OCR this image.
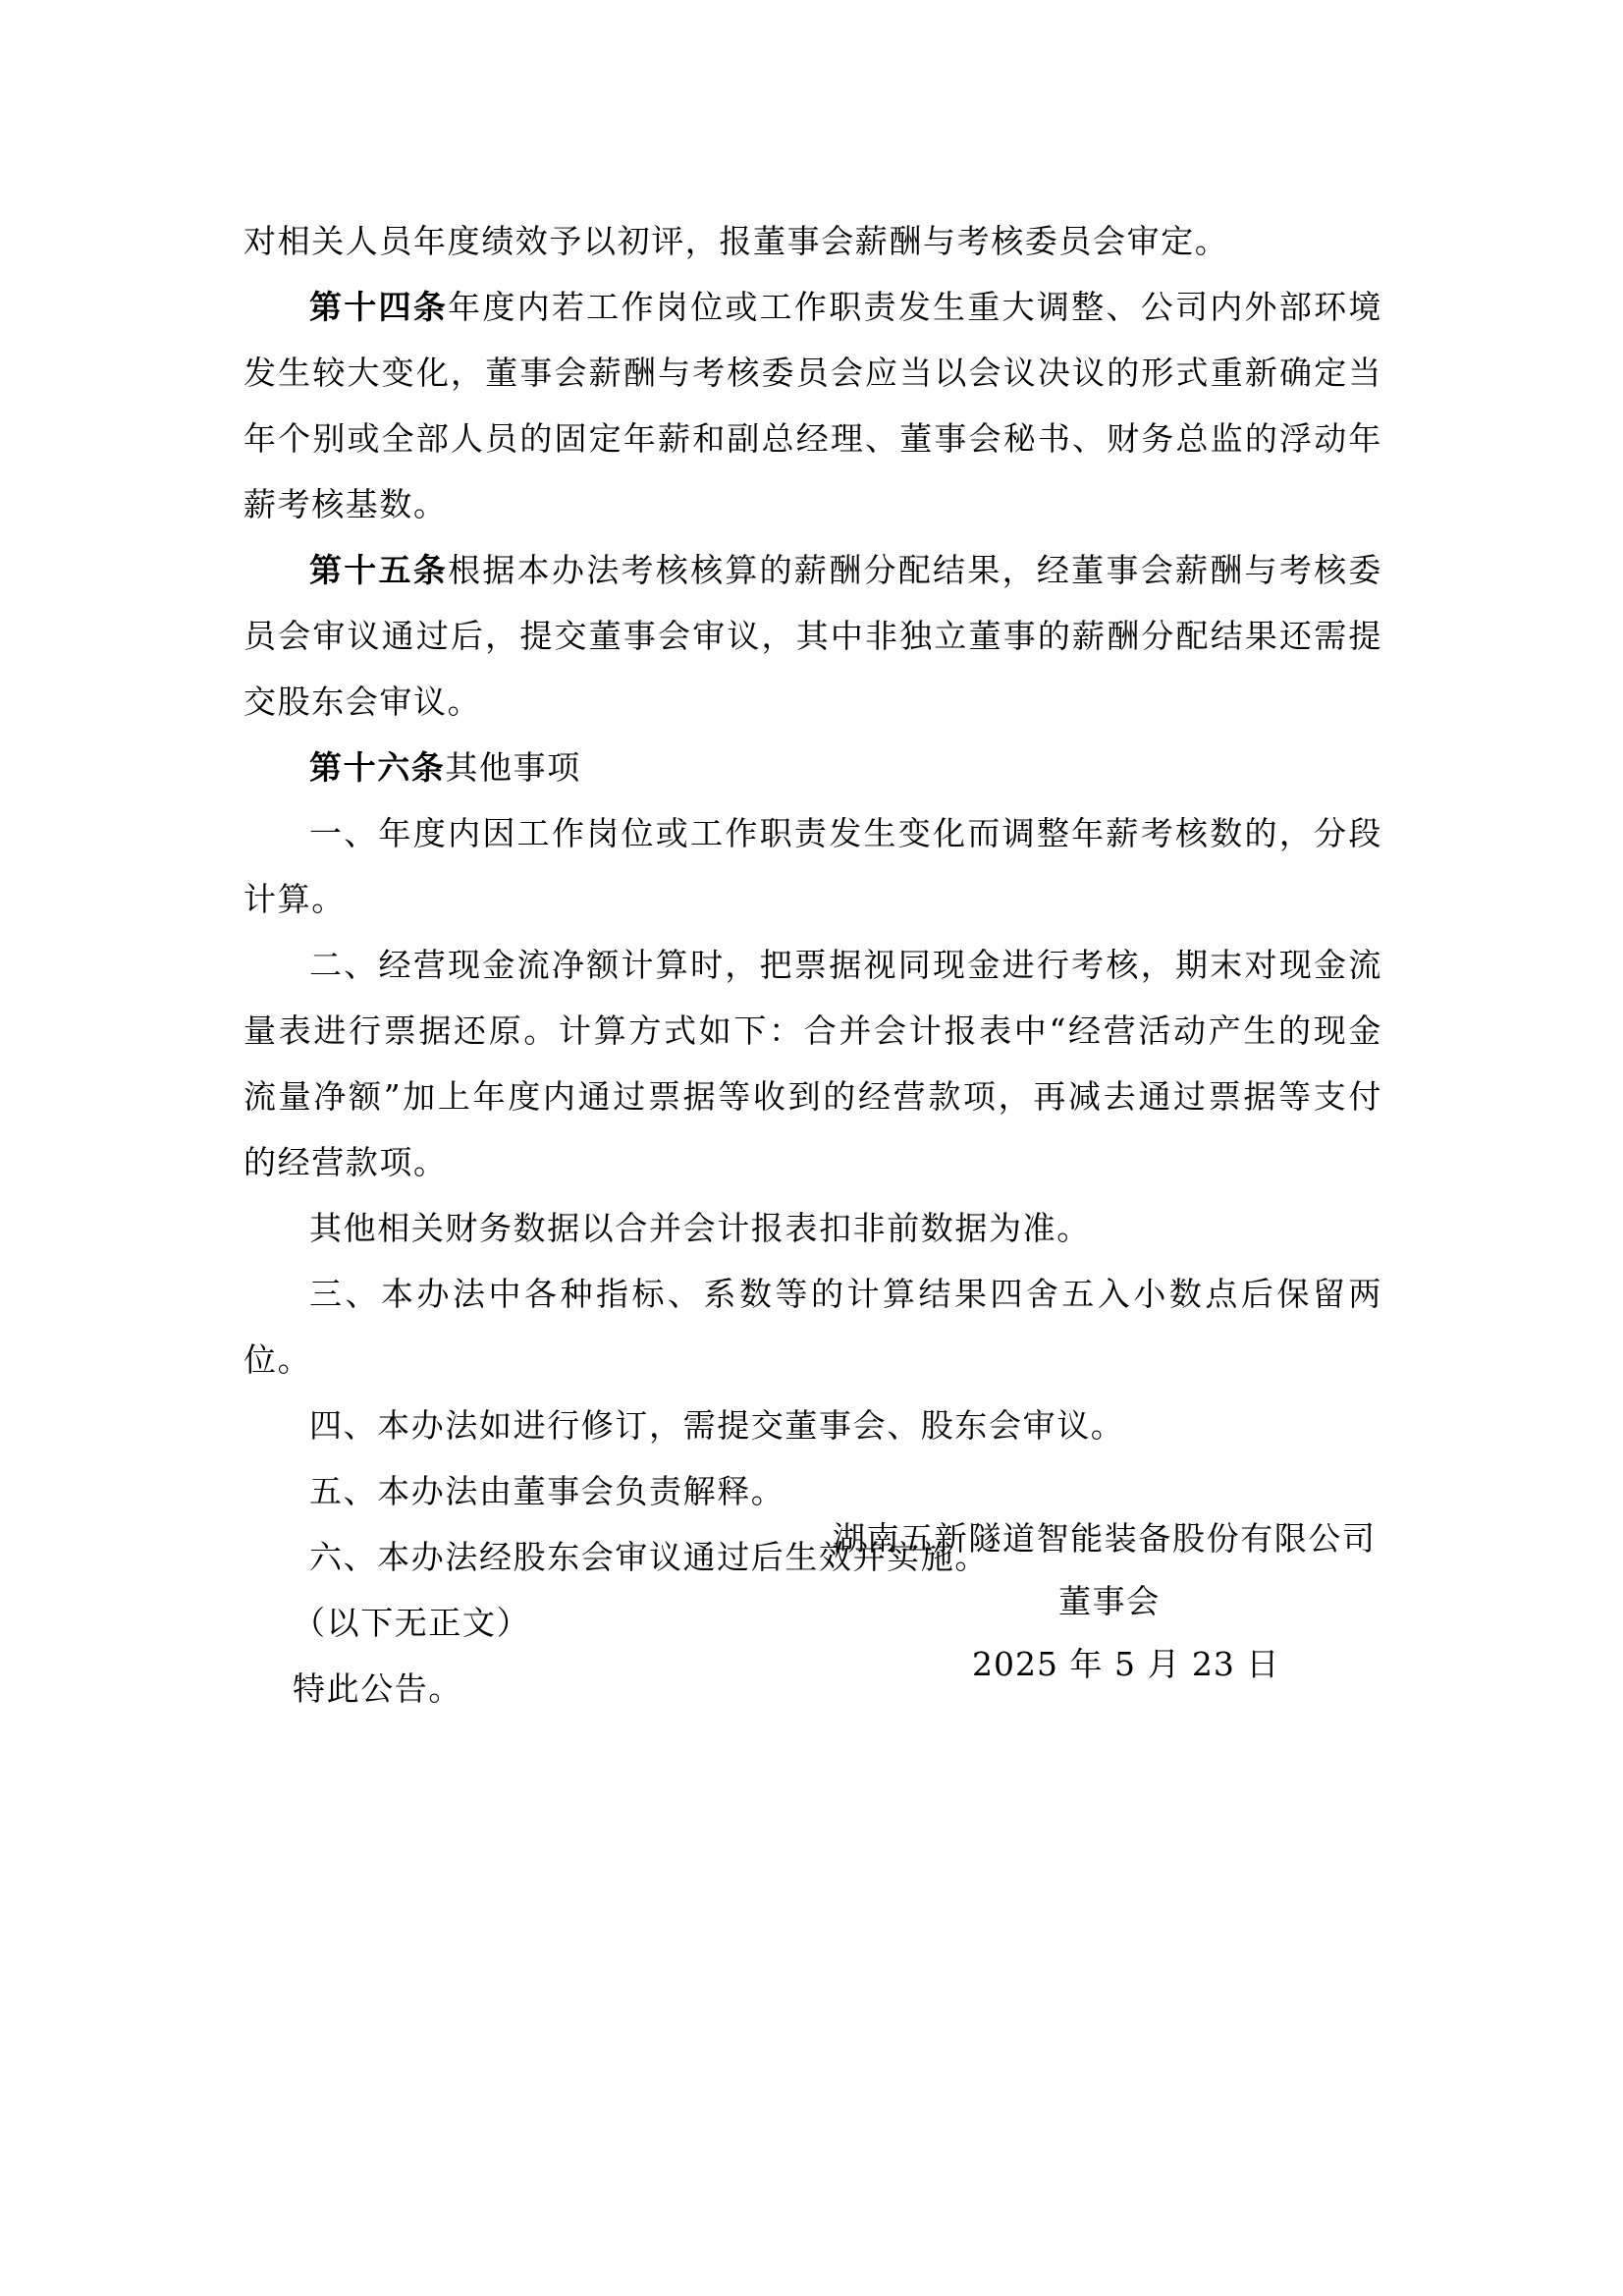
对相关人员年度绩效予以初评，报董事会薪酬与考核委员会审定。

第十四条年度内若工作岗位或工作职责发生重大调整、公司内外部环境发生较大变化，董事会薪酬与考核委员会应当以会议决议的形式重新确定当年个别或全部人员的固定年薪和副总经理、董事会秘书、财务总监的浮动年薪考核基数。

第十五条根据本办法考核核算的薪酬分配结果，经董事会薪酬与考核委员会审议通过后，提交董事会审议，其中非独立董事的薪酬分配结果还需提交股东会审议。

第十六条其他事项

一、年度内因工作岗位或工作职责发生变化而调整年薪考核数的，分段计算。

二、经营现金流净额计算时，把票据视同现金进行考核，期末对现金流量表进行票据还原。计算方式如下：合并会计报表中“经营活动产生的现金流量净额”加上年度内通过票据等收到的经营款项，再减去通过票据等支付的经营款项。

其他相关财务数据以合并会计报表扣非前数据为准。

三、本办法中各种指标、系数等的计算结果四舍五入小数点后保留两位。

四、本办法如进行修订，需提交董事会、股东会审议。

五、本办法由董事会负责解释。

六、本办法经股东会审议通过后生效并实施。

（以下无正文）

特此公告。

湖南五新隧道智能装备股份有限公司
董事会
2025 年 5 月 23 日
